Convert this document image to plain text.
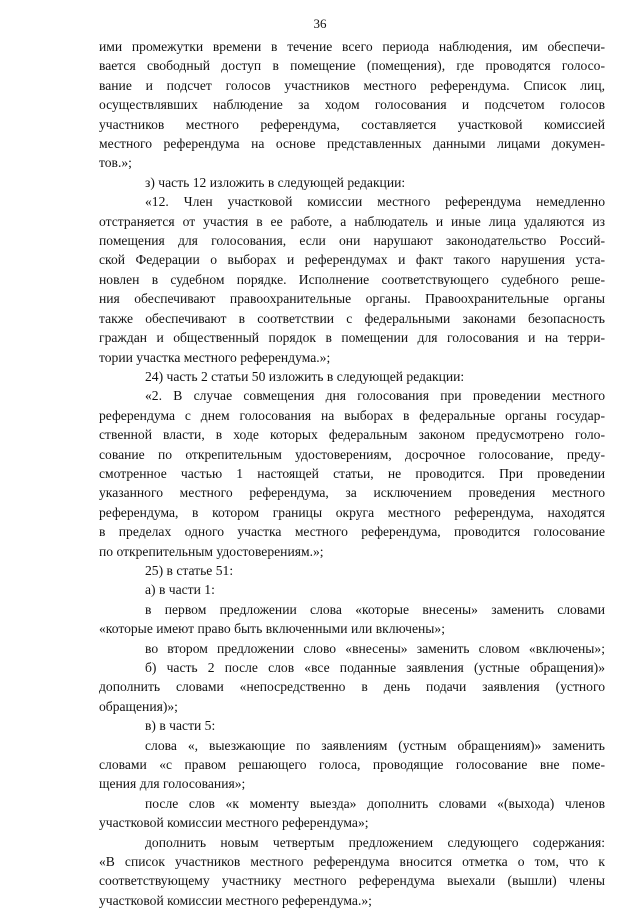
36
ими промежутки времени в течение всего периода наблюдения, им обеспечи-
вается свободный доступ в помещение (помещения), где проводятся голосо-
вание и подсчет голосов участников местного референдума. Список лиц,
осуществлявших наблюдение за ходом голосования и подсчетом голосов
участников местного референдума, составляется участковой комиссией
местного референдума на основе представленных данными лицами докумен-
тов.»;
з) часть 12 изложить в следующей редакции:
«12. Член участковой комиссии местного референдума немедленно
отстраняется от участия в ее работе, а наблюдатель и иные лица удаляются из
помещения для голосования, если они нарушают законодательство Россий-
ской Федерации о выборах и референдумах и факт такого нарушения уста-
новлен в судебном порядке. Исполнение соответствующего судебного реше-
ния обеспечивают правоохранительные органы. Правоохранительные органы
также обеспечивают в соответствии с федеральными законами безопасность
граждан и общественный порядок в помещении для голосования и на терри-
тории участка местного референдума.»;
24) часть 2 статьи 50 изложить в следующей редакции:
«2. В случае совмещения дня голосования при проведении местного
референдума с днем голосования на выборах в федеральные органы государ-
ственной власти, в ходе которых федеральным законом предусмотрено голо-
сование по открепительным удостоверениям, досрочное голосование, преду-
смотренное частью 1 настоящей статьи, не проводится. При проведении
указанного местного референдума, за исключением проведения местного
референдума, в котором границы округа местного референдума, находятся
в пределах одного участка местного референдума, проводится голосование
по открепительным удостоверениям.»;
25) в статье 51:
а) в части 1:
в первом предложении слова «которые внесены» заменить словами
«которые имеют право быть включенными или включены»;
во втором предложении слово «внесены» заменить словом «включены»;
б) часть 2 после слов «все поданные заявления (устные обращения)»
дополнить словами «непосредственно в день подачи заявления (устного
обращения)»;
в) в части 5:
слова «, выезжающие по заявлениям (устным обращениям)» заменить
словами «с правом решающего голоса, проводящие голосование вне поме-
щения для голосования»;
после слов «к моменту выезда» дополнить словами «(выхода) членов
участковой комиссии местного референдума»;
дополнить новым четвертым предложением следующего содержания:
«В список участников местного референдума вносится отметка о том, что к
соответствующему участнику местного референдума выехали (вышли) члены
участковой комиссии местного референдума.»;
